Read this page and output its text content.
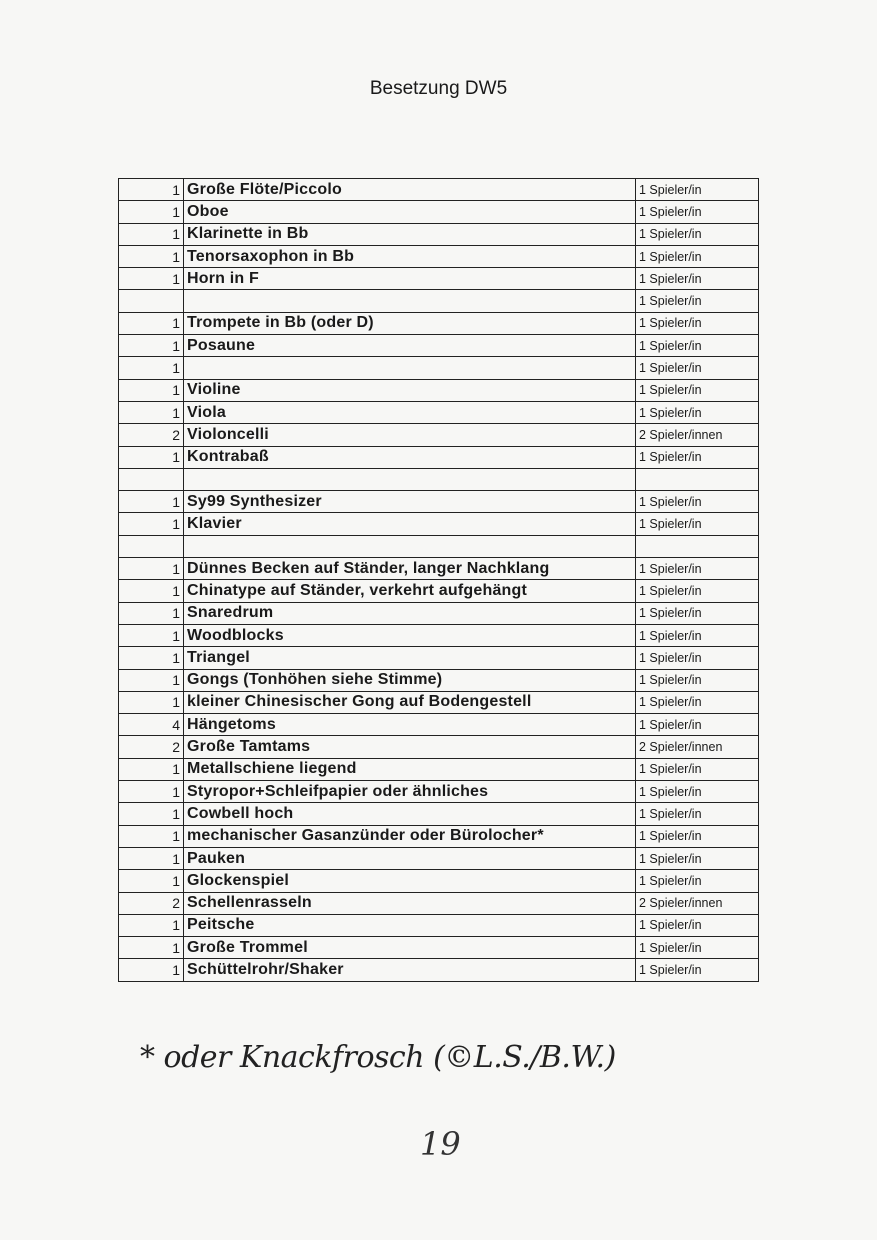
Besetzung DW5
1	Große Flöte/Piccolo	1 Spieler/in
1	Oboe	1 Spieler/in
1	Klarinette in Bb	1 Spieler/in
1	Tenorsaxophon in Bb	1 Spieler/in
1	Horn in F	1 Spieler/in
		1 Spieler/in
1	Trompete in Bb (oder D)	1 Spieler/in
1	Posaune	1 Spieler/in
1		1 Spieler/in
1	Violine	1 Spieler/in
1	Viola	1 Spieler/in
2	Violoncelli	2 Spieler/innen
1	Kontrabaß	1 Spieler/in

1	Sy99 Synthesizer	1 Spieler/in
1	Klavier	1 Spieler/in

1	Dünnes Becken auf Ständer, langer Nachklang	1 Spieler/in
1	Chinatype auf Ständer, verkehrt aufgehängt	1 Spieler/in
1	Snaredrum	1 Spieler/in
1	Woodblocks	1 Spieler/in
1	Triangel	1 Spieler/in
1	Gongs (Tonhöhen siehe Stimme)	1 Spieler/in
1	kleiner Chinesischer Gong auf Bodengestell	1 Spieler/in
4	Hängetoms	1 Spieler/in
2	Große Tamtams	2 Spieler/innen
1	Metallschiene liegend	1 Spieler/in
1	Styropor+Schleifpapier oder ähnliches	1 Spieler/in
1	Cowbell hoch	1 Spieler/in
1	mechanischer Gasanzünder oder Bürolocher*	1 Spieler/in
1	Pauken	1 Spieler/in
1	Glockenspiel	1 Spieler/in
2	Schellenrasseln	2 Spieler/innen
1	Peitsche	1 Spieler/in
1	Große Trommel	1 Spieler/in
1	Schüttelrohr/Shaker	1 Spieler/in
* oder Knackfrosch (©L.S./B.W.)
19
